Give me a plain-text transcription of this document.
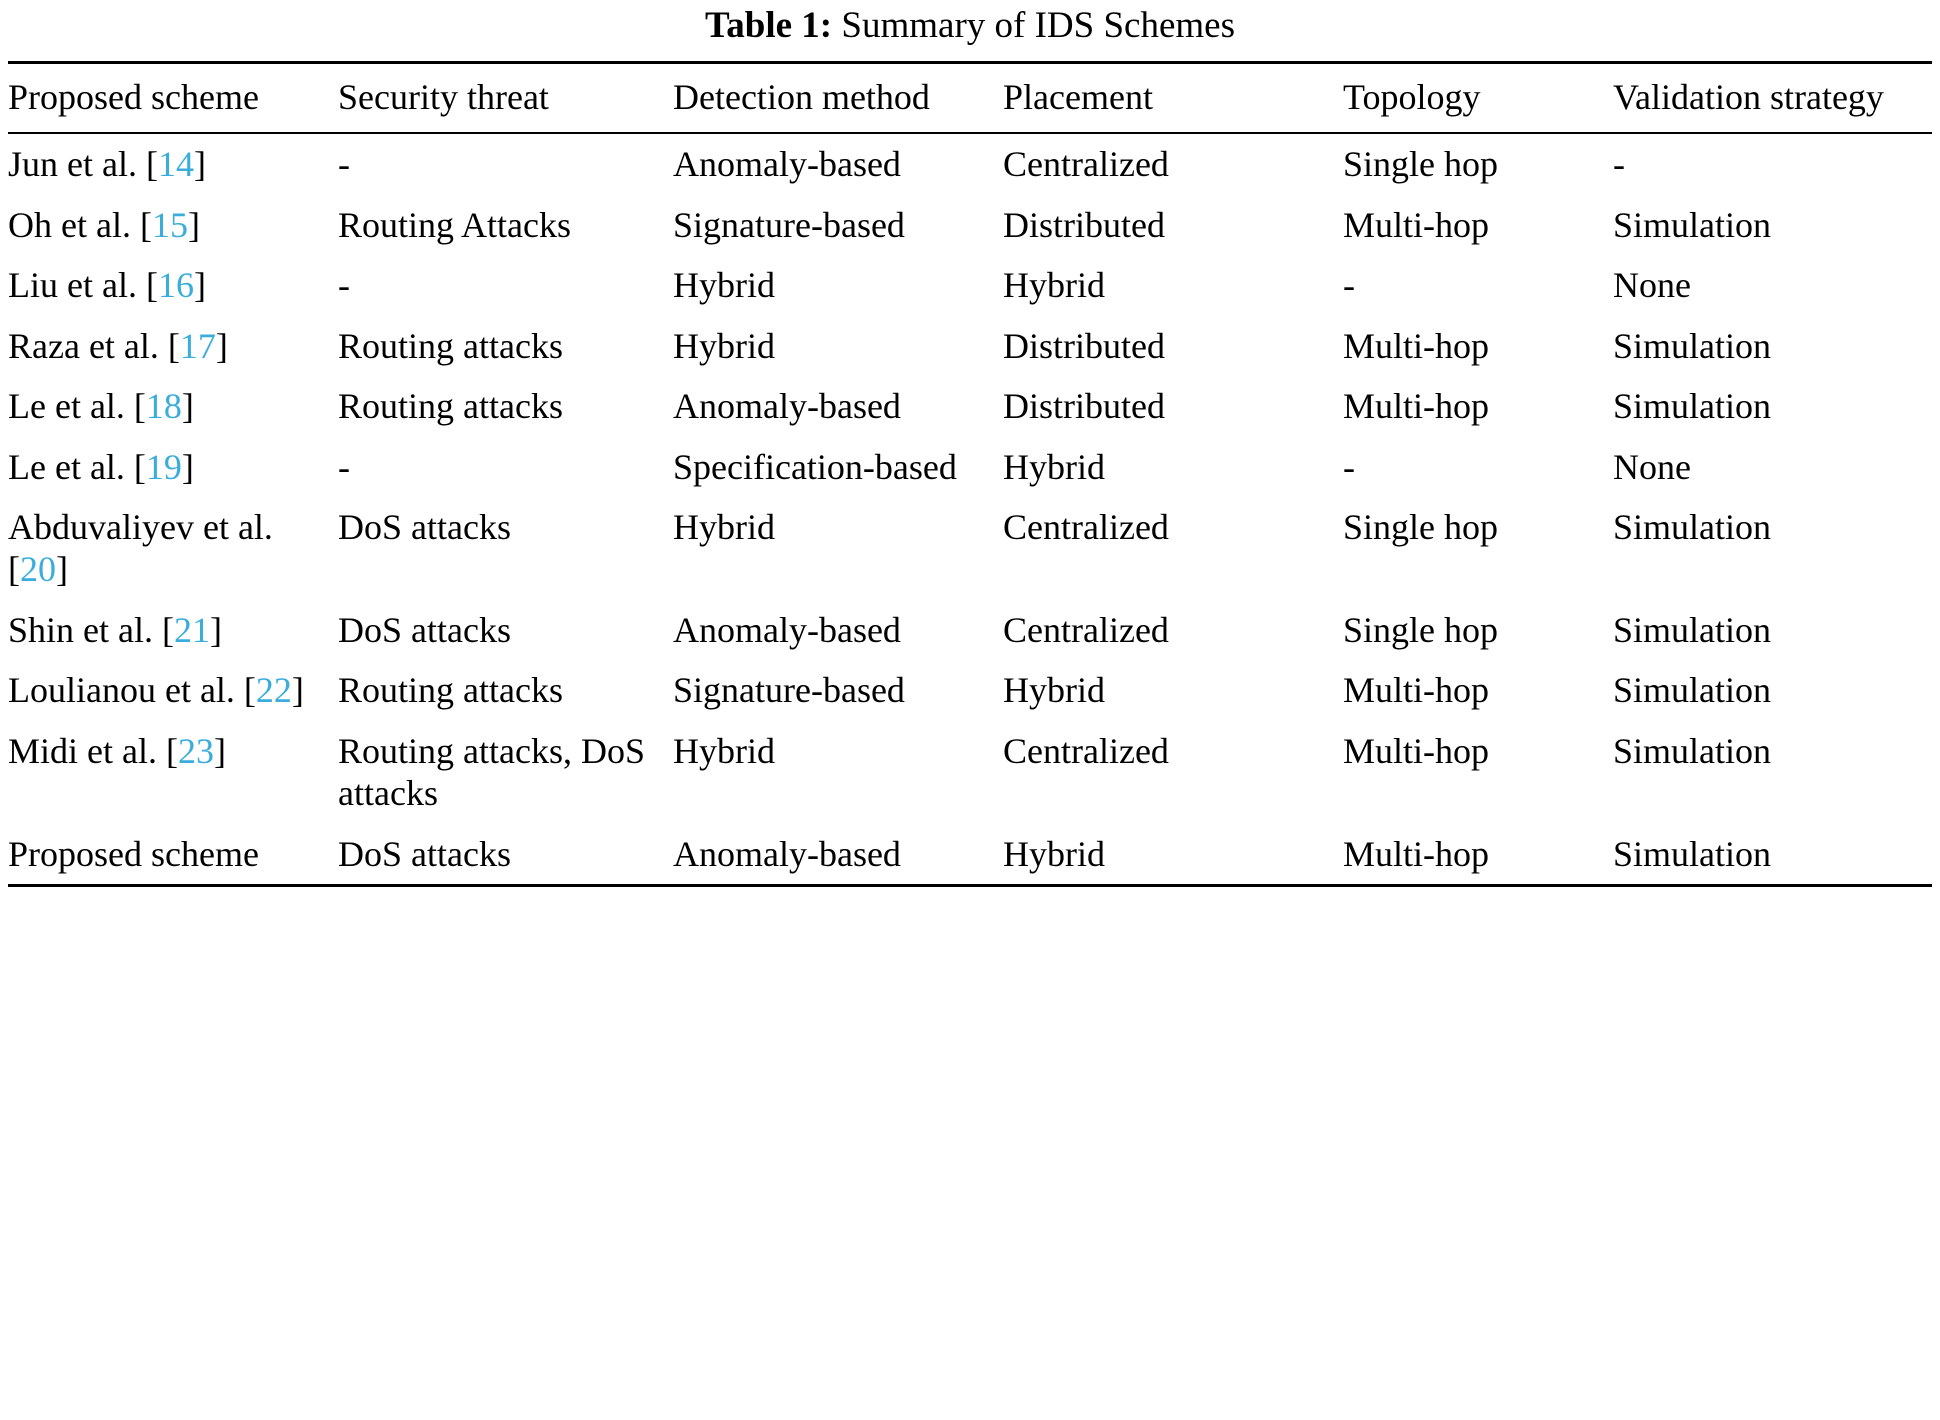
Table 1: Summary of IDS Schemes

Proposed scheme	Security threat	Detection method	Placement	Topology	Validation strategy

Jun et al. [14]	-	Anomaly-based	Centralized	Single hop	-
Oh et al. [15]	Routing Attacks	Signature-based	Distributed	Multi-hop	Simulation
Liu et al. [16]	-	Hybrid	Hybrid	-	None
Raza et al. [17]	Routing attacks	Hybrid	Distributed	Multi-hop	Simulation
Le et al. [18]	Routing attacks	Anomaly-based	Distributed	Multi-hop	Simulation
Le et al. [19]	-	Specification-based	Hybrid	-	None
Abduvaliyev et al. [20]	DoS attacks	Hybrid	Centralized	Single hop	Simulation
Shin et al. [21]	DoS attacks	Anomaly-based	Centralized	Single hop	Simulation
Loulianou et al. [22]	Routing attacks	Signature-based	Hybrid	Multi-hop	Simulation
Midi et al. [23]	Routing attacks, DoS attacks	Hybrid	Centralized	Multi-hop	Simulation
Proposed scheme	DoS attacks	Anomaly-based	Hybrid	Multi-hop	Simulation
